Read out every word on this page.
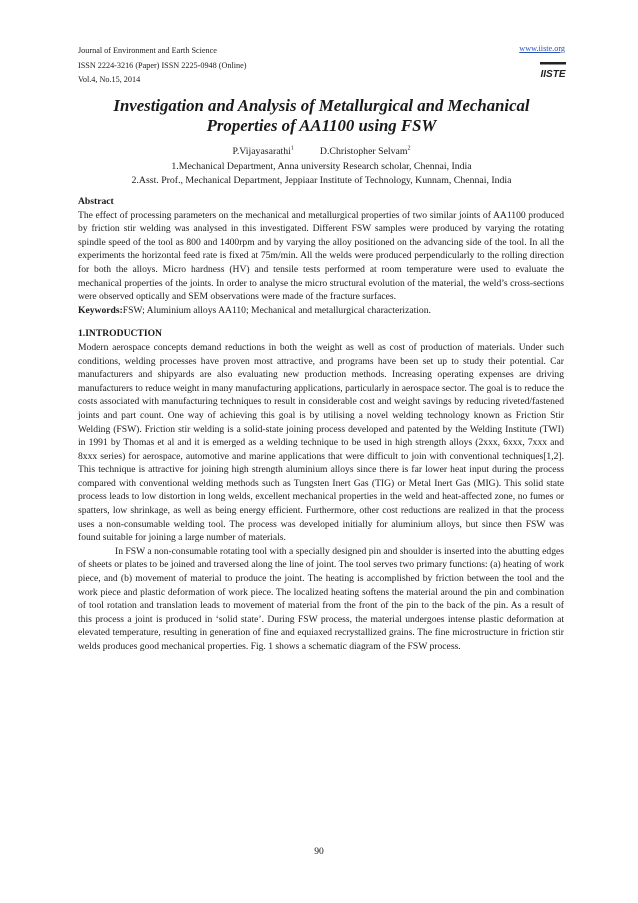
Journal of Environment and Earth Science
ISSN 2224-3216 (Paper) ISSN 2225-0948 (Online)
Vol.4, No.15, 2014
www.iiste.org
IISTE
Investigation and Analysis of Metallurgical and Mechanical
Properties of AA1100 using FSW
P.Vijayasarathi$^1$	D.Christopher Selvam$^2$
1.Mechanical Department, Anna university Research scholar, Chennai, India
2.Asst. Prof., Mechanical Department, Jeppiaar Institute of Technology, Kunnam, Chennai, India

Abstract

The effect of processing parameters on the mechanical and metallurgical properties of two similar joints of AA1100 produced by friction stir welding was analysed in this investigated. Different FSW samples were produced by varying the rotating spindle speed of the tool as 800 and 1400rpm and by varying the alloy positioned on the advancing side of the tool. In all the experiments the horizontal feed rate is fixed at 75m/min. All the welds were produced perpendicularly to the rolling direction for both the alloys. Micro hardness (HV) and tensile tests performed at room temperature were used to evaluate the mechanical properties of the joints. In order to analyse the micro structural evolution of the material, the weld’s cross-sections were observed optically and SEM observations were made of the fracture surfaces.

Keywords:FSW; Aluminium alloys AA110; Mechanical and metallurgical characterization.

1.INTRODUCTION

Modern aerospace concepts demand reductions in both the weight as well as cost of production of materials. Under such conditions, welding processes have proven most attractive, and programs have been set up to study their potential. Car manufacturers and shipyards are also evaluating new production methods. Increasing operating expenses are driving manufacturers to reduce weight in many manufacturing applications, particularly in aerospace sector. The goal is to reduce the costs associated with manufacturing techniques to result in considerable cost and weight savings by reducing riveted/fastened joints and part count. One way of achieving this goal is by utilising a novel welding technology known as Friction Stir Welding (FSW). Friction stir welding is a solid-state joining process developed and patented by the Welding Institute (TWI) in 1991 by Thomas et al and it is emerged as a welding technique to be used in high strength alloys (2xxx, 6xxx, 7xxx and 8xxx series) for aerospace, automotive and marine applications that were difficult to join with conventional techniques[1,2]. This technique is attractive for joining high strength aluminium alloys since there is far lower heat input during the process compared with conventional welding methods such as Tungsten Inert Gas (TIG) or Metal Inert Gas (MIG). This solid state process leads to low distortion in long welds, excellent mechanical properties in the weld and heat-affected zone, no fumes or spatters, low shrinkage, as well as being energy efficient. Furthermore, other cost reductions are realized in that the process uses a non-consumable welding tool. The process was developed initially for aluminium alloys, but since then FSW was found suitable for joining a large number of materials.

In FSW a non-consumable rotating tool with a specially designed pin and shoulder is inserted into the abutting edges of sheets or plates to be joined and traversed along the line of joint. The tool serves two primary functions: (a) heating of work piece, and (b) movement of material to produce the joint. The heating is accomplished by friction between the tool and the work piece and plastic deformation of work piece. The localized heating softens the material around the pin and combination of tool rotation and translation leads to movement of material from the front of the pin to the back of the pin. As a result of this process a joint is produced in ‘solid state’. During FSW process, the material undergoes intense plastic deformation at elevated temperature, resulting in generation of fine and equiaxed recrystallized grains. The fine microstructure in friction stir welds produces good mechanical properties. Fig. 1 shows a schematic diagram of the FSW process.

90
